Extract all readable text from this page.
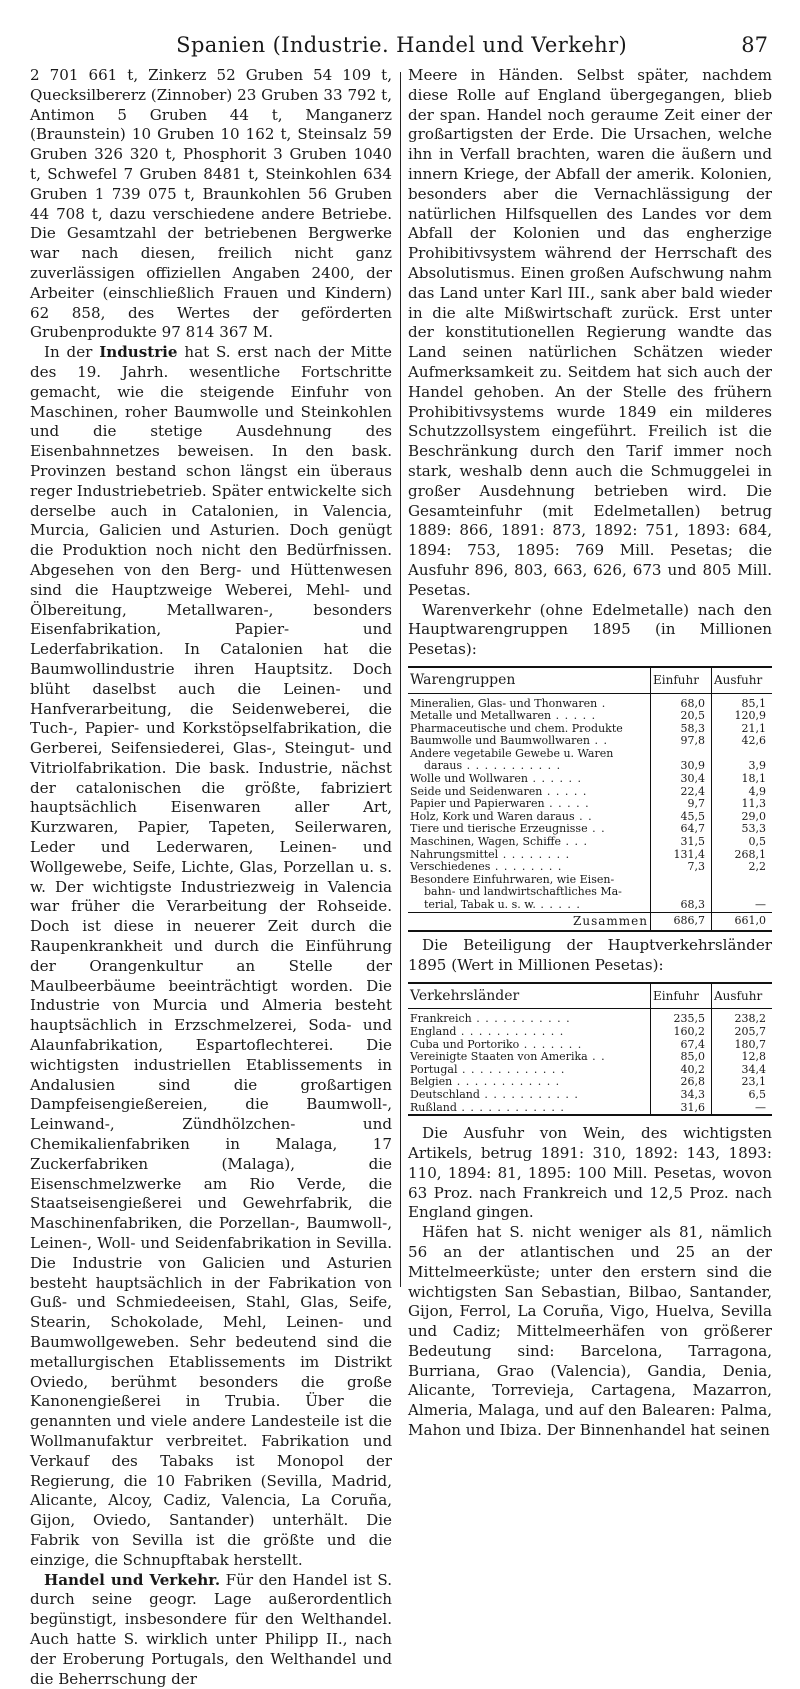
Spanien (Industrie. Handel und Verkehr)	87

2 701 661 t, Zinkerz 52 Gruben 54 109 t, Quecksilbererz (Zinnober) 23 Gruben 33 792 t, Antimon 5 Gruben 44 t, Manganerz (Braunstein) 10 Gruben 10 162 t, Steinsalz 59 Gruben 326 320 t, Phosphorit 3 Gruben 1040 t, Schwefel 7 Gruben 8481 t, Steinkohlen 634 Gruben 1 739 075 t, Braunkohlen 56 Gruben 44 708 t, dazu verschiedene andere Betriebe. Die Gesamtzahl der betriebenen Bergwerke war nach diesen, freilich nicht ganz zuverlässigen offiziellen Angaben 2400, der Arbeiter (einschließlich Frauen und Kindern) 62 858, des Wertes der geförderten Grubenprodukte 97 814 367 M.

In der Industrie hat S. erst nach der Mitte des 19. Jahrh. wesentliche Fortschritte gemacht, wie die steigende Einfuhr von Maschinen, roher Baumwolle und Steinkohlen und die stetige Ausdehnung des Eisenbahnnetzes beweisen. In den bask. Provinzen bestand schon längst ein überaus reger Industriebetrieb. Später entwickelte sich derselbe auch in Catalonien, in Valencia, Murcia, Galicien und Asturien. Doch genügt die Produktion noch nicht den Bedürfnissen. Abgesehen von den Berg- und Hüttenwesen sind die Hauptzweige Weberei, Mehl- und Ölbereitung, Metallwaren-, besonders Eisenfabrikation, Papier- und Lederfabrikation. In Catalonien hat die Baumwollindustrie ihren Hauptsitz. Doch blüht daselbst auch die Leinen- und Hanfverarbeitung, die Seidenweberei, die Tuch-, Papier- und Korkstöpselfabrikation, die Gerberei, Seifensiederei, Glas-, Steingut- und Vitriolfabrikation. Die bask. Industrie, nächst der catalonischen die größte, fabriziert hauptsächlich Eisenwaren aller Art, Kurzwaren, Papier, Tapeten, Seilerwaren, Leder und Lederwaren, Leinen- und Wollgewebe, Seife, Lichte, Glas, Porzellan u. s. w. Der wichtigste Industriezweig in Valencia war früher die Verarbeitung der Rohseide. Doch ist diese in neuerer Zeit durch die Raupenkrankheit und durch die Einführung der Orangenkultur an Stelle der Maulbeerbäume beeinträchtigt worden. Die Industrie von Murcia und Almeria besteht hauptsächlich in Erzschmelzerei, Soda- und Alaunfabrikation, Espartoflechterei. Die wichtigsten industriellen Etablissements in Andalusien sind die großartigen Dampfeisengießereien, die Baumwoll-, Leinwand-, Zündhölzchen- und Chemikalienfabriken in Malaga, 17 Zuckerfabriken (Malaga), die Eisenschmelzwerke am Rio Verde, die Staatseisengießerei und Gewehrfabrik, die Maschinenfabriken, die Porzellan-, Baumwoll-, Leinen-, Woll- und Seidenfabrikation in Sevilla. Die Industrie von Galicien und Asturien besteht hauptsächlich in der Fabrikation von Guß- und Schmiedeeisen, Stahl, Glas, Seife, Stearin, Schokolade, Mehl, Leinen- und Baumwollgeweben. Sehr bedeutend sind die metallurgischen Etablissements im Distrikt Oviedo, berühmt besonders die große Kanonengießerei in Trubia. Über die genannten und viele andere Landesteile ist die Wollmanufaktur verbreitet. Fabrikation und Verkauf des Tabaks ist Monopol der Regierung, die 10 Fabriken (Sevilla, Madrid, Alicante, Alcoy, Cadiz, Valencia, La Coruña, Gijon, Oviedo, Santander) unterhält. Die Fabrik von Sevilla ist die größte und die einzige, die Schnupftabak herstellt.

Handel und Verkehr. Für den Handel ist S. durch seine geogr. Lage außerordentlich begünstigt, insbesondere für den Welthandel. Auch hatte S. wirklich unter Philipp II., nach der Eroberung Portugals, den Welthandel und die Beherrschung der

Meere in Händen. Selbst später, nachdem diese Rolle auf England übergegangen, blieb der span. Handel noch geraume Zeit einer der großartigsten der Erde. Die Ursachen, welche ihn in Verfall brachten, waren die äußern und innern Kriege, der Abfall der amerik. Kolonien, besonders aber die Vernachlässigung der natürlichen Hilfsquellen des Landes vor dem Abfall der Kolonien und das engherzige Prohibitivsystem während der Herrschaft des Absolutismus. Einen großen Aufschwung nahm das Land unter Karl III., sank aber bald wieder in die alte Mißwirtschaft zurück. Erst unter der konstitutionellen Regierung wandte das Land seinen natürlichen Schätzen wieder Aufmerksamkeit zu. Seitdem hat sich auch der Handel gehoben. An der Stelle des frühern Prohibitivsystems wurde 1849 ein milderes Schutzzollsystem eingeführt. Freilich ist die Beschränkung durch den Tarif immer noch stark, weshalb denn auch die Schmuggelei in großer Ausdehnung betrieben wird. Die Gesamteinfuhr (mit Edelmetallen) betrug 1889: 866, 1891: 873, 1892: 751, 1893: 684, 1894: 753, 1895: 769 Mill. Pesetas; die Ausfuhr 896, 803, 663, 626, 673 und 805 Mill. Pesetas.

Warenverkehr (ohne Edelmetalle) nach den Hauptwarengruppen 1895 (in Millionen Pesetas):

Warengruppen	Einfuhr	Ausfuhr
Mineralien, Glas- und Thonwaren .	68,0	85,1
Metalle und Metallwaren . . . . .	20,5	120,9
Pharmaceutische und chem. Produkte	58,3	21,1
Baumwolle und Baumwollwaren . .	97,8	42,6
Andere vegetabile Gewebe u. Waren		
daraus . . . . . . . . . . .	30,9	3,9
Wolle und Wollwaren . . . . . .	30,4	18,1
Seide und Seidenwaren . . . . .	22,4	4,9
Papier und Papierwaren . . . . .	9,7	11,3
Holz, Kork und Waren daraus . .	45,5	29,0
Tiere und tierische Erzeugnisse . .	64,7	53,3
Maschinen, Wagen, Schiffe . . .	31,5	0,5
Nahrungsmittel . . . . . . . .	131,4	268,1
Verschiedenes . . . . . . . .	7,3	2,2
Besondere Einfuhrwaren, wie Eisen-		
bahn- und landwirtschaftliches Ma-		
terial, Tabak u. s. w. . . . . .	68,3	—
Zusammen	686,7	661,0

Die Beteiligung der Hauptverkehrsländer 1895 (Wert in Millionen Pesetas):

Verkehrsländer	Einfuhr	Ausfuhr
Frankreich . . . . . . . . . . .	235,5	238,2
England . . . . . . . . . . . .	160,2	205,7
Cuba und Portoriko . . . . . . .	67,4	180,7
Vereinigte Staaten von Amerika . .	85,0	12,8
Portugal . . . . . . . . . . . .	40,2	34,4
Belgien . . . . . . . . . . . .	26,8	23,1
Deutschland . . . . . . . . . . .	34,3	6,5
Rußland . . . . . . . . . . . .	31,6	—

Die Ausfuhr von Wein, des wichtigsten Artikels, betrug 1891: 310, 1892: 143, 1893: 110, 1894: 81, 1895: 100 Mill. Pesetas, wovon 63 Proz. nach Frankreich und 12,5 Proz. nach England gingen.

Häfen hat S. nicht weniger als 81, nämlich 56 an der atlantischen und 25 an der Mittelmeerküste; unter den erstern sind die wichtigsten San Sebastian, Bilbao, Santander, Gijon, Ferrol, La Coruña, Vigo, Huelva, Sevilla und Cadiz; Mittelmeerhäfen von größerer Bedeutung sind: Barcelona, Tarragona, Burriana, Grao (Valencia), Gandia, Denia, Alicante, Torrevieja, Cartagena, Mazarron, Almeria, Malaga, und auf den Balearen: Palma, Mahon und Ibiza. Der Binnenhandel hat seinen
